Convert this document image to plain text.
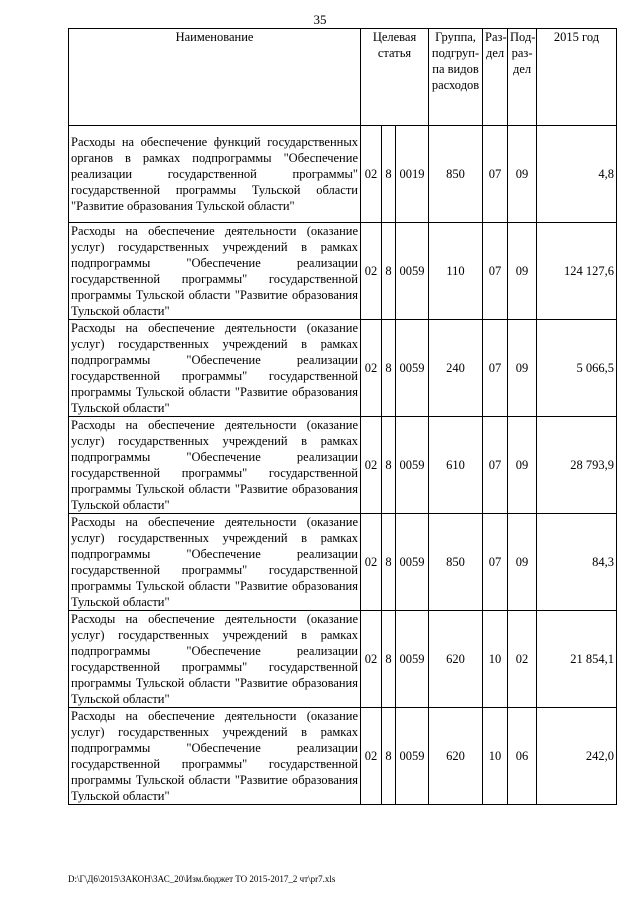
35
Наименование	Целевая статья			Группа, подгруп-па видов расходов	Раз-дел	Под-раз-дел	2015 год
Расходы на обеспечение функций государственных органов в рамках подпрограммы "Обеспечение реализации государственной программы" государственной программы Тульской области "Развитие образования Тульской области"	02	8	0019	850	07	09	4,8
Расходы на обеспечение деятельности (оказание услуг) государственных учреждений в рамках подпрограммы "Обеспечение реализации государственной программы" государственной программы Тульской области "Развитие образования Тульской области"	02	8	0059	110	07	09	124 127,6
Расходы на обеспечение деятельности (оказание услуг) государственных учреждений в рамках подпрограммы "Обеспечение реализации государственной программы" государственной программы Тульской области "Развитие образования Тульской области"	02	8	0059	240	07	09	5 066,5
Расходы на обеспечение деятельности (оказание услуг) государственных учреждений в рамках подпрограммы "Обеспечение реализации государственной программы" государственной программы Тульской области "Развитие образования Тульской области"	02	8	0059	610	07	09	28 793,9
Расходы на обеспечение деятельности (оказание услуг) государственных учреждений в рамках подпрограммы "Обеспечение реализации государственной программы" государственной программы Тульской области "Развитие образования Тульской области"	02	8	0059	850	07	09	84,3
Расходы на обеспечение деятельности (оказание услуг) государственных учреждений в рамках подпрограммы "Обеспечение реализации государственной программы" государственной программы Тульской области "Развитие образования Тульской области"	02	8	0059	620	10	02	21 854,1
Расходы на обеспечение деятельности (оказание услуг) государственных учреждений в рамках подпрограммы "Обеспечение реализации государственной программы" государственной программы Тульской области "Развитие образования Тульской области"	02	8	0059	620	10	06	242,0
D:\Г\Д6\2015\ЗАКОН\ЗАС_20\Изм.бюджет ТО 2015-2017_2 чт\pr7.xls
